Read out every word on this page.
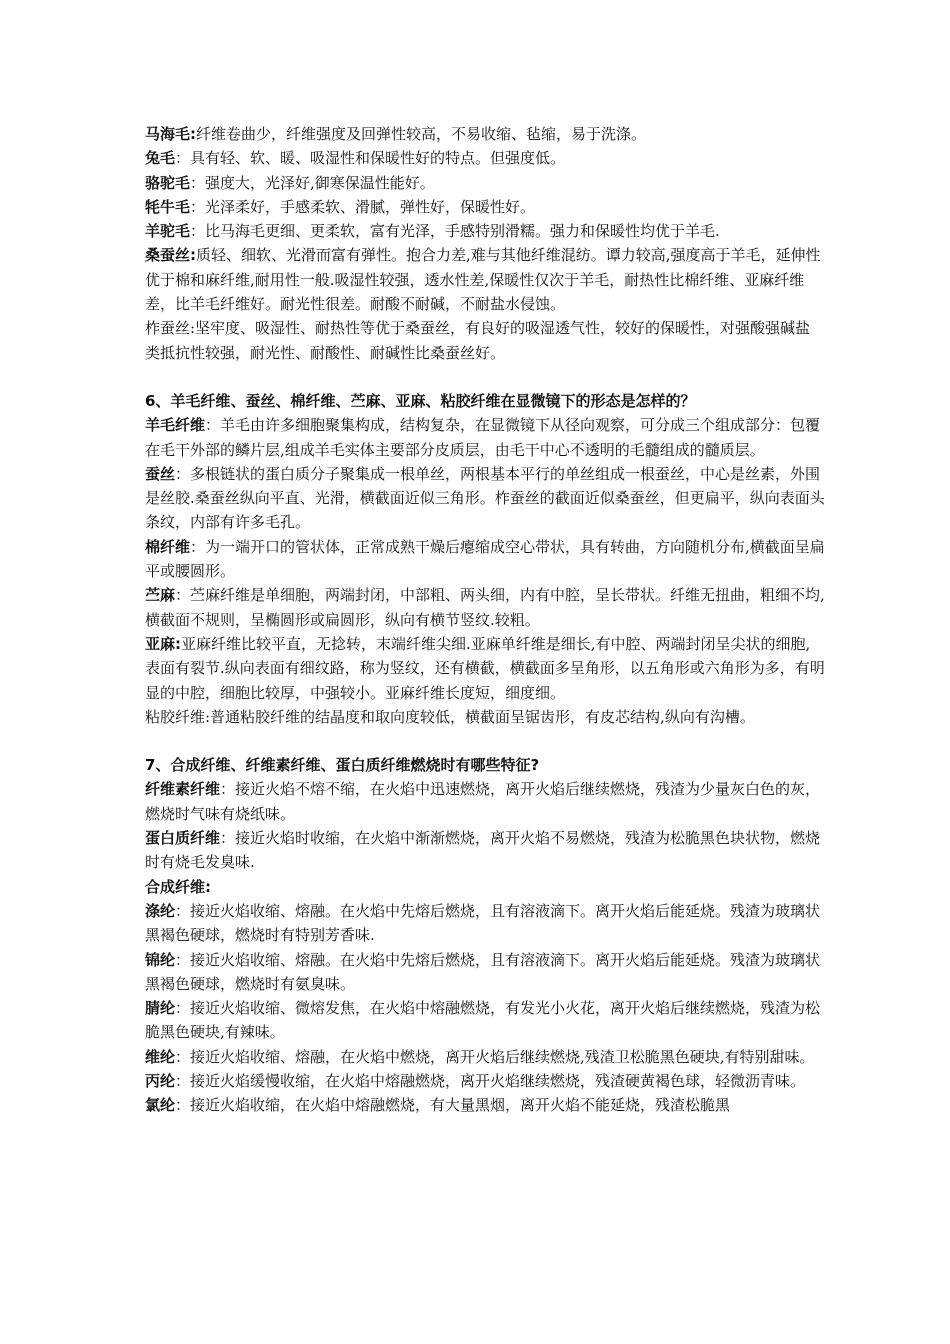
马海毛:纤维卷曲少，纤维强度及回弹性较高，不易收缩、毡缩，易于洗涤。

兔毛：具有轻、软、暖、吸湿性和保暖性好的特点。但强度低。

骆驼毛：强度大，光泽好,御寒保温性能好。

牦牛毛：光泽柔好，手感柔软、滑腻，弹性好，保暖性好。

羊驼毛：比马海毛更细、更柔软，富有光泽，手感特别滑糯。强力和保暖性均优于羊毛.

桑蚕丝:质轻、细软、光滑而富有弹性。抱合力差,难与其他纤维混纺。谭力较高,强度高于羊毛，延伸性优于棉和麻纤维,耐用性一般.吸湿性较强，透水性差,保暖性仅次于羊毛，耐热性比棉纤维、亚麻纤维差，比羊毛纤维好。耐光性很差。耐酸不耐碱，不耐盐水侵蚀。

柞蚕丝:坚牢度、吸湿性、耐热性等优于桑蚕丝，有良好的吸湿透气性，较好的保暖性，对强酸强碱盐类抵抗性较强，耐光性、耐酸性、耐碱性比桑蚕丝好。

6、羊毛纤维、蚕丝、棉纤维、苎麻、亚麻、粘胶纤维在显微镜下的形态是怎样的？

羊毛纤维：羊毛由许多细胞聚集构成，结构复杂，在显微镜下从径向观察，可分成三个组成部分：包覆在毛干外部的鳞片层,组成羊毛实体主要部分皮质层，由毛干中心不透明的毛髓组成的髓质层。

蚕丝：多根链状的蛋白质分子聚集成一根单丝，两根基本平行的单丝组成一根蚕丝，中心是丝素，外围是丝胶.桑蚕丝纵向平直、光滑，横截面近似三角形。柞蚕丝的截面近似桑蚕丝，但更扁平，纵向表面头条纹，内部有许多毛孔。

棉纤维：为一端开口的管状体，正常成熟干燥后瘪缩成空心带状，具有转曲，方向随机分布,横截面呈扁平或腰圆形。

苎麻：苎麻纤维是单细胞，两端封闭，中部粗、两头细，内有中腔，呈长带状。纤维无扭曲，粗细不均,横截面不规则，呈椭圆形或扁圆形，纵向有横节竖纹.较粗。

亚麻:亚麻纤维比较平直，无捻转，末端纤维尖细.亚麻单纤维是细长,有中腔、两端封闭呈尖状的细胞,表面有裂节.纵向表面有细纹路，称为竖纹，还有横截，横截面多呈角形，以五角形或六角形为多，有明显的中腔，细胞比较厚，中强较小。亚麻纤维长度短，细度细。

粘胶纤维:普通粘胶纤维的结晶度和取向度较低，横截面呈锯齿形，有皮芯结构,纵向有沟槽。

7、合成纤维、纤维素纤维、蛋白质纤维燃烧时有哪些特征?

纤维素纤维：接近火焰不熔不缩，在火焰中迅速燃烧，离开火焰后继续燃烧，残渣为少量灰白色的灰，燃烧时气味有烧纸味。

蛋白质纤维：接近火焰时收缩，在火焰中渐渐燃烧，离开火焰不易燃烧，残渣为松脆黑色块状物，燃烧时有烧毛发臭味.

合成纤维:

涤纶：接近火焰收缩、熔融。在火焰中先熔后燃烧，且有溶液滴下。离开火焰后能延烧。残渣为玻璃状黑褐色硬球，燃烧时有特别芳香味.

锦纶：接近火焰收缩、熔融。在火焰中先熔后燃烧，且有溶液滴下。离开火焰后能延烧。残渣为玻璃状黑褐色硬球，燃烧时有氨臭味。

腈纶：接近火焰收缩、微熔发焦，在火焰中熔融燃烧，有发光小火花，离开火焰后继续燃烧，残渣为松脆黑色硬块,有辣味。

维纶：接近火焰收缩、熔融，在火焰中燃烧，离开火焰后继续燃烧,残渣卫松脆黑色硬块,有特别甜味。

丙纶：接近火焰缓慢收缩，在火焰中熔融燃烧，离开火焰继续燃烧，残渣硬黄褐色球，轻微沥青味。

氯纶：接近火焰收缩，在火焰中熔融燃烧，有大量黑烟，离开火焰不能延烧，残渣松脆黑
